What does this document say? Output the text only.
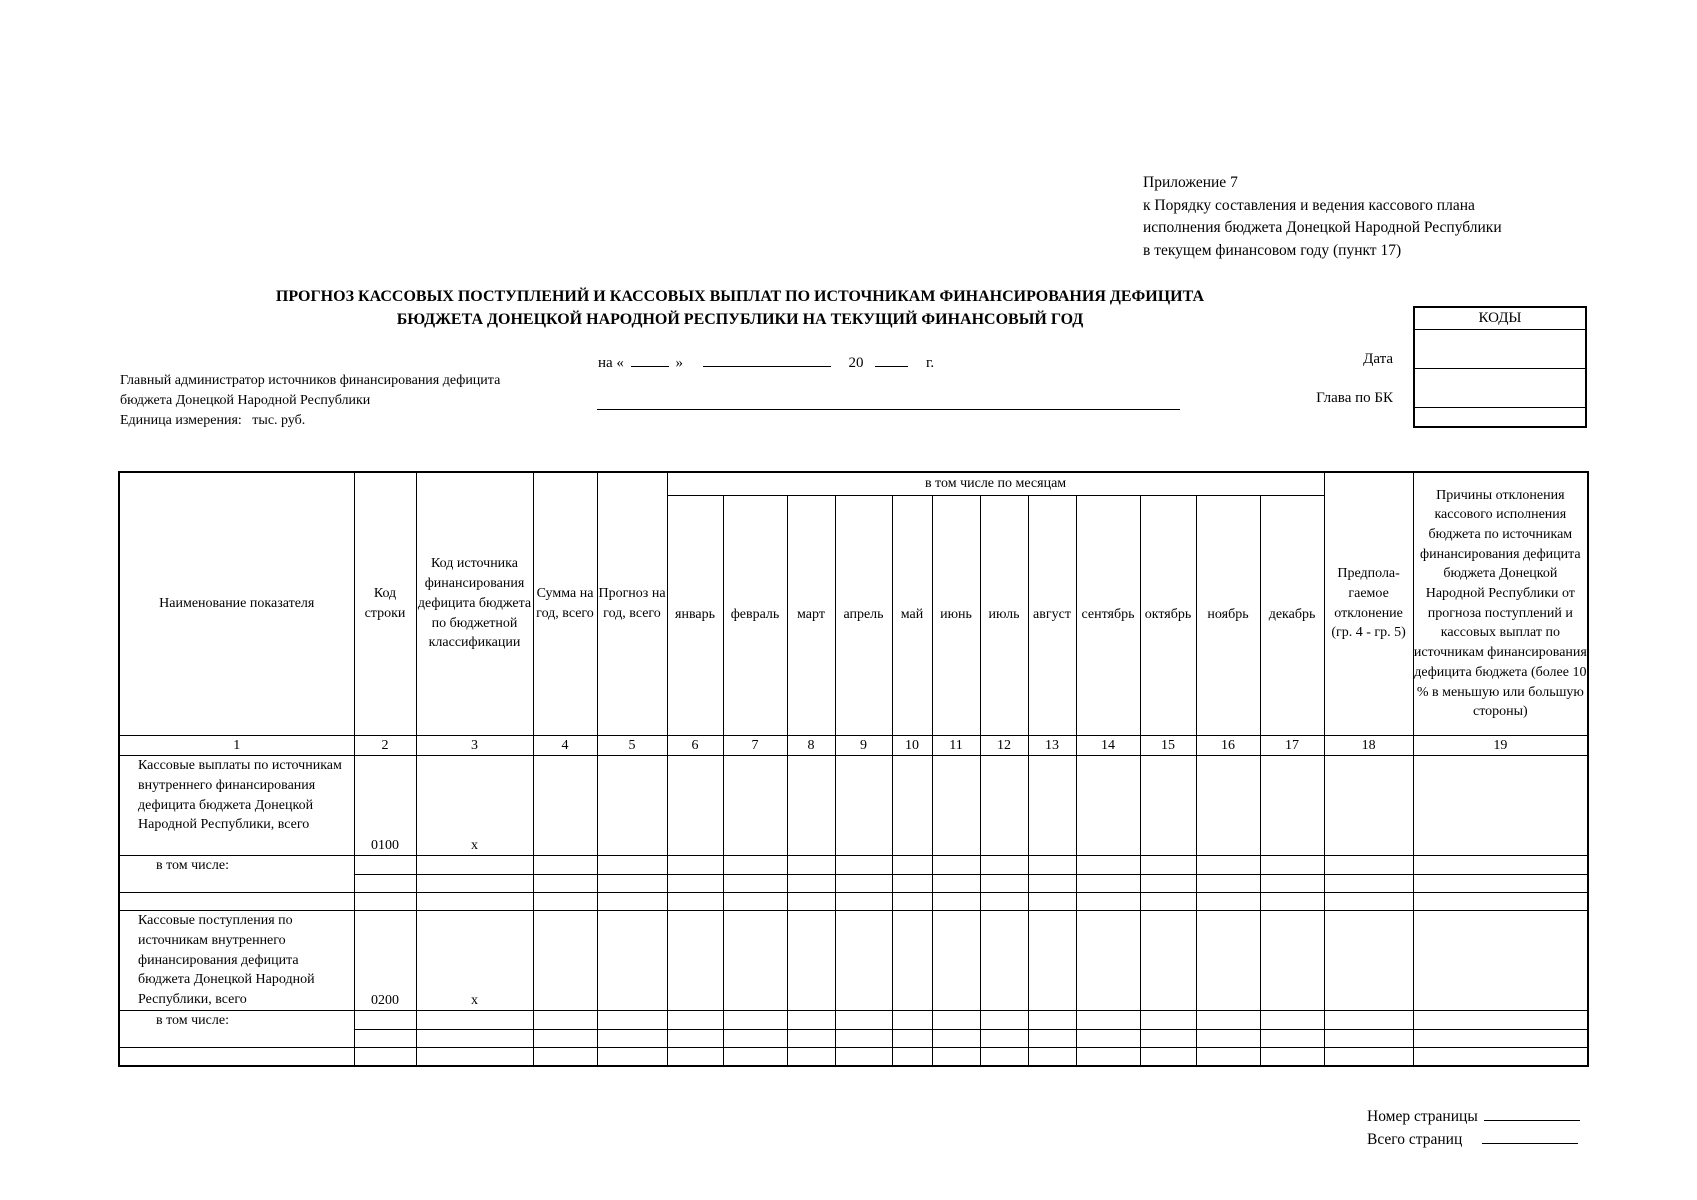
Приложение 7
к Порядку составления и ведения кассового плана
исполнения бюджета Донецкой Народной Республики
в текущем финансовом году (пункт 17)
ПРОГНОЗ КАССОВЫХ ПОСТУПЛЕНИЙ И КАССОВЫХ ВЫПЛАТ ПО ИСТОЧНИКАМ ФИНАНСИРОВАНИЯ ДЕФИЦИТА
БЮДЖЕТА ДОНЕЦКОЙ НАРОДНОЙ РЕСПУБЛИКИ НА ТЕКУЩИЙ ФИНАНСОВЫЙ ГОД	КОДЫ

Дата
Глава по БК
на «	»	20	г.
Главный администратор источников финансирования дефицита
бюджета Донецкой Народной Республики
Единица измерения: тыс. руб.
Наименование показателя	Код строки	Код источника финансирования дефицита бюджета по бюджетной классификации	Сумма на год, всего	Прогноз на год, всего	в том числе по месяцам												Предпола-гаемое отклонение (гр. 4 - гр. 5)	Причины отклонения кассового исполнения бюджета по источникам финансирования дефицита бюджета Донецкой Народной Республики от прогноза поступлений и кассовых выплат по источникам финансирования дефицита бюджета (более 10 % в меньшую или большую стороны)
					январь	февраль	март	апрель	май	июнь	июль	август	сентябрь	октябрь	ноябрь	декабрь		
1	2	3	4	5	6	7	8	9	10	11	12	13	14	15	16	17	18	19
Кассовые выплаты по источникам внутреннего финансирования дефицита бюджета Донецкой Народной Республики, всего	0100	х																
в том числе:																		

Кассовые поступления по источникам внутреннего финансирования дефицита бюджета Донецкой Народной Республики, всего	0200	х																
в том числе:																		

Номер страницы
Всего страниц
